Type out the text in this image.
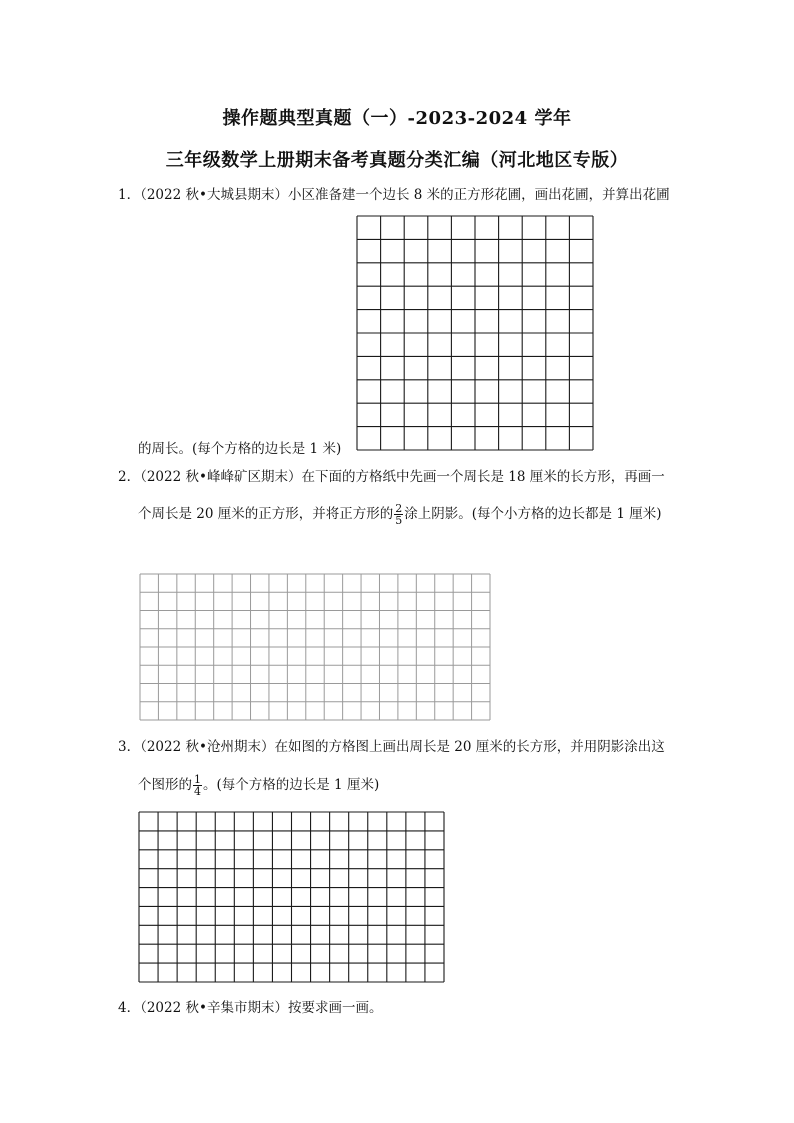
操作题典型真题（一）-2023-2024 学年
三年级数学上册期末备考真题分类汇编（河北地区专版）
1．（2022 秋•大城县期末）小区准备建一个边长 8 米的正方形花圃，画出花圃，并算出花圃
的周长。(每个方格的边长是 1 米)
2．（2022 秋•峰峰矿区期末）在下面的方格纸中先画一个周长是 18 厘米的长方形，再画一
个周长是 20 厘米的正方形，并将正方形的 $\frac{2}{5}$ 涂上阴影。(每个小方格的边长都是 1 厘米)
3．（2022 秋•沧州期末）在如图的方格图上画出周长是 20 厘米的长方形，并用阴影涂出这
个图形的 $\frac{1}{4}$ 。(每个方格的边长是 1 厘米)
4．（2022 秋•辛集市期末）按要求画一画。
